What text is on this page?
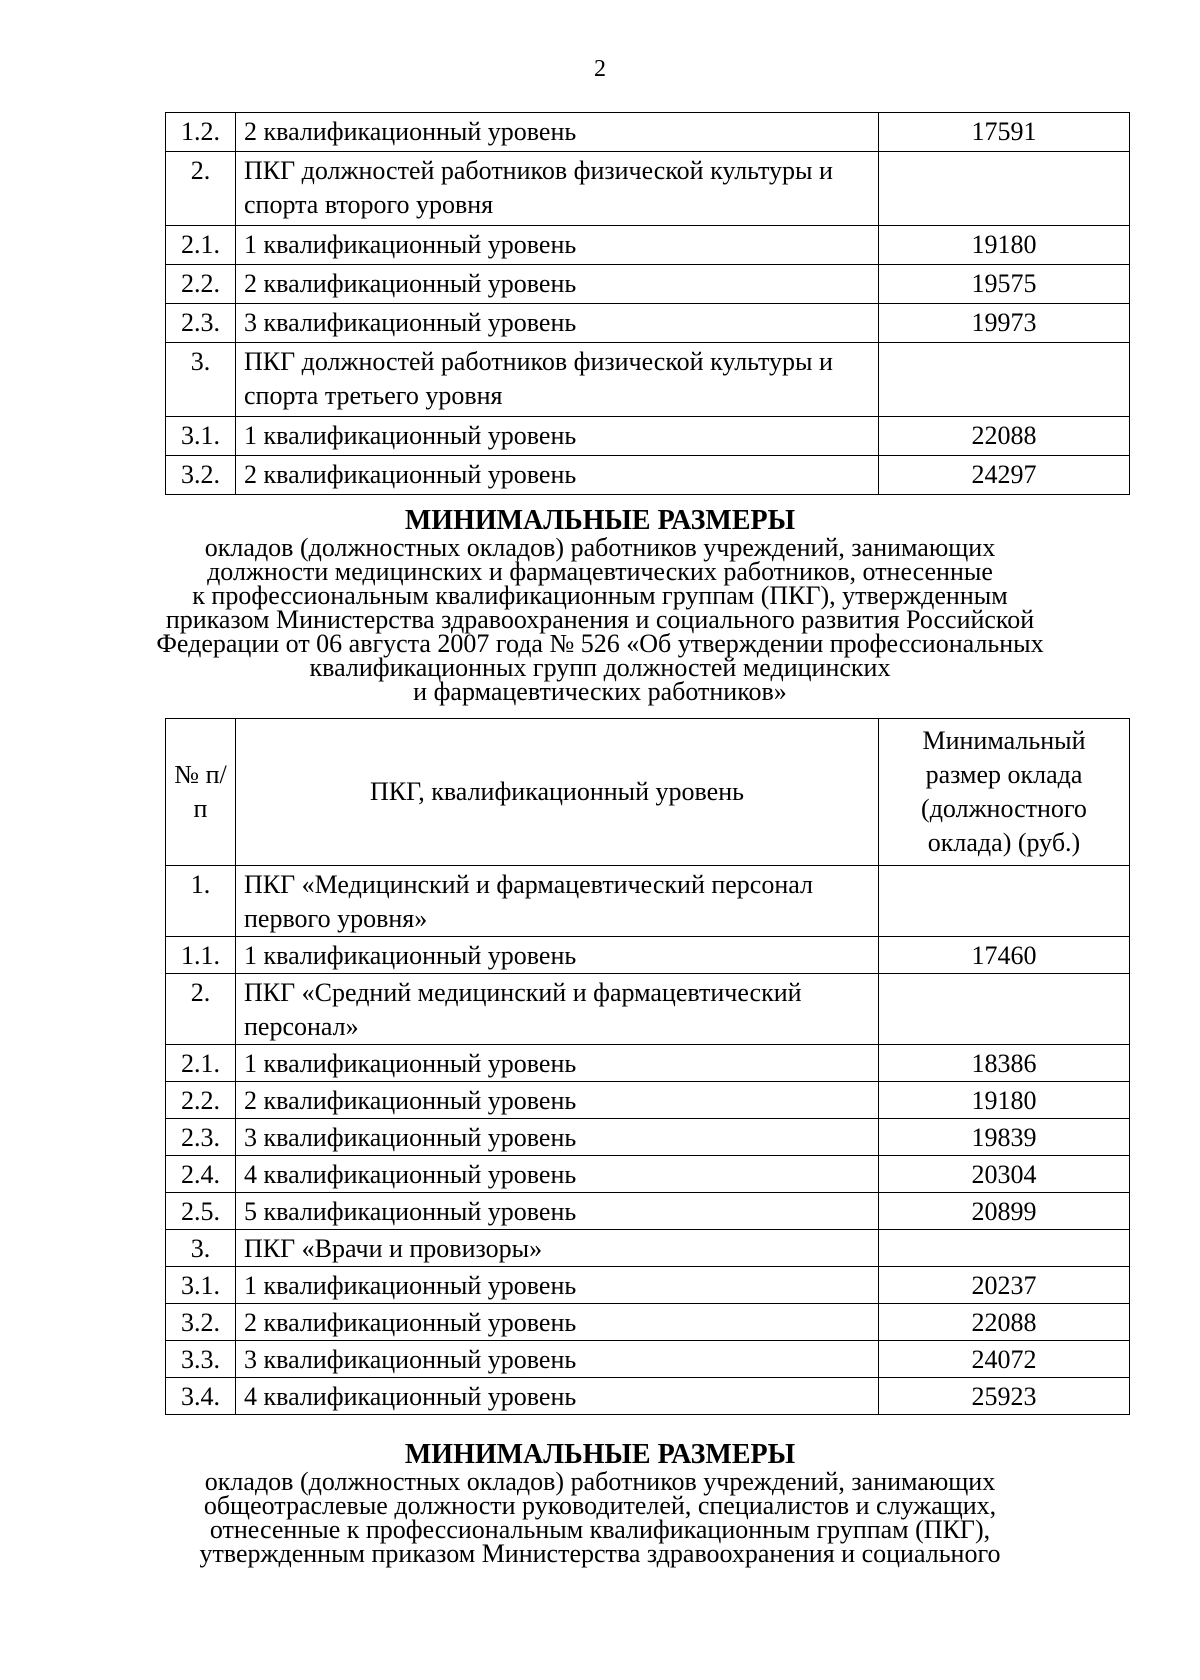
2
1.2.	2 квалификационный уровень	17591
2.	ПКГ должностей работников физической культуры и спорта второго уровня	
2.1.	1 квалификационный уровень	19180
2.2.	2 квалификационный уровень	19575
2.3.	3 квалификационный уровень	19973
3.	ПКГ должностей работников физической культуры и спорта третьего уровня	
3.1.	1 квалификационный уровень	22088
3.2.	2 квалификационный уровень	24297
МИНИМАЛЬНЫЕ РАЗМЕРЫ
окладов (должностных окладов) работников учреждений, занимающих
должности медицинских и фармацевтических работников, отнесенные
к профессиональным квалификационным группам (ПКГ), утвержденным
приказом Министерства здравоохранения и социального развития Российской
Федерации от 06 августа 2007 года № 526 «Об утверждении профессиональных
квалификационных групп должностей медицинских
и фармацевтических работников»
№ п/п	ПКГ, квалификационный уровень	Минимальный размер оклада (должностного оклада) (руб.)
1.	ПКГ «Медицинский и фармацевтический персонал первого уровня»	
1.1.	1 квалификационный уровень	17460
2.	ПКГ «Средний медицинский и фармацевтический персонал»	
2.1.	1 квалификационный уровень	18386
2.2.	2 квалификационный уровень	19180
2.3.	3 квалификационный уровень	19839
2.4.	4 квалификационный уровень	20304
2.5.	5 квалификационный уровень	20899
3.	ПКГ «Врачи и провизоры»	
3.1.	1 квалификационный уровень	20237
3.2.	2 квалификационный уровень	22088
3.3.	3 квалификационный уровень	24072
3.4.	4 квалификационный уровень	25923
МИНИМАЛЬНЫЕ РАЗМЕРЫ
окладов (должностных окладов) работников учреждений, занимающих
общеотраслевые должности руководителей, специалистов и служащих,
отнесенные к профессиональным квалификационным группам (ПКГ),
утвержденным приказом Министерства здравоохранения и социального
